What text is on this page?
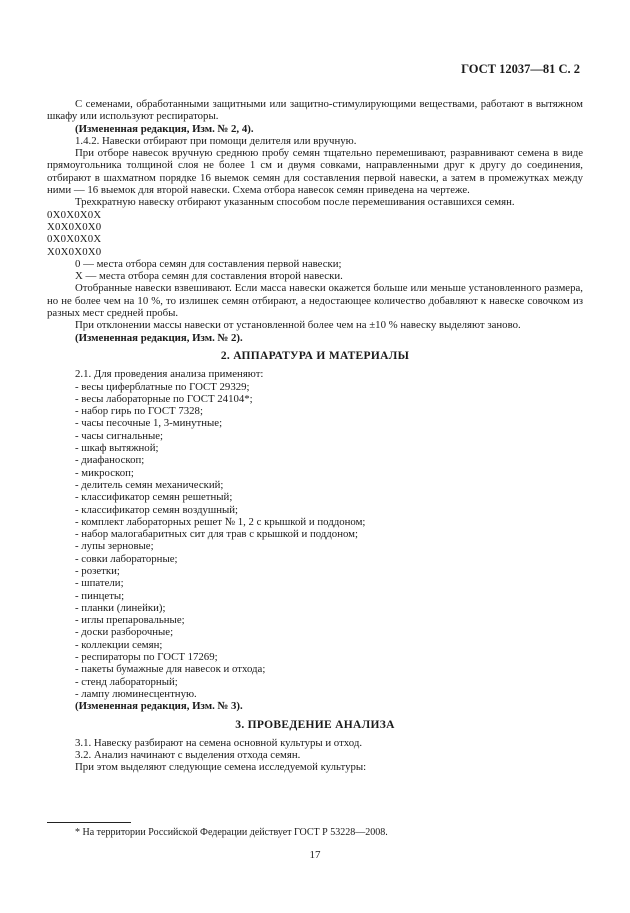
ГОСТ 12037—81 С. 2

С семенами, обработанными защитными или защитно-стимулирующими веществами, работают в вытяжном шкафу или используют респираторы.

(Измененная редакция, Изм. № 2, 4).

1.4.2. Навески отбирают при помощи делителя или вручную.

При отборе навесок вручную среднюю пробу семян тщательно перемешивают, разравнивают семена в виде прямоугольника толщиной слоя не более 1 см и двумя совками, направленными друг к другу до соединения, отбирают в шахматном порядке 16 выемок семян для составления первой навески, а затем в промежутках между ними — 16 выемок для второй навески. Схема отбора навесок семян приведена на чертеже.

Трехкратную навеску отбирают указанным способом после перемешивания оставшихся семян.

0X0X0X0X

X0X0X0X0

0X0X0X0X

X0X0X0X0

0 — места отбора семян для составления первой навески;

X — места отбора семян для составления второй навески.

Отобранные навески взвешивают. Если масса навески окажется больше или меньше установленного размера, но не более чем на 10 %, то излишек семян отбирают, а недостающее количество добавляют к навеске совочком из разных мест средней пробы.

При отклонении массы навески от установленной более чем на ±10 % навеску выделяют заново.

(Измененная редакция, Изм. № 2).

2. АППАРАТУРА И МАТЕРИАЛЫ

2.1. Для проведения анализа применяют:

- весы циферблатные по ГОСТ 29329;
- весы лабораторные по ГОСТ 24104*;
- набор гирь по ГОСТ 7328;
- часы песочные 1, 3-минутные;
- часы сигнальные;
- шкаф вытяжной;
- диафаноскоп;
- микроскоп;
- делитель семян механический;
- классификатор семян решетный;
- классификатор семян воздушный;
- комплект лабораторных решет № 1, 2 с крышкой и поддоном;
- набор малогабаритных сит для трав с крышкой и поддоном;
- лупы зерновые;
- совки лабораторные;
- розетки;
- шпатели;
- пинцеты;
- планки (линейки);
- иглы препаровальные;
- доски разборочные;
- коллекции семян;
- респираторы по ГОСТ 17269;
- пакеты бумажные для навесок и отхода;
- стенд лабораторный;
- лампу люминесцентную.

(Измененная редакция, Изм. № 3).

3. ПРОВЕДЕНИЕ АНАЛИЗА

3.1. Навеску разбирают на семена основной культуры и отход.

3.2. Анализ начинают с выделения отхода семян.

При этом выделяют следующие семена исследуемой культуры:

* На территории Российской Федерации действует ГОСТ Р 53228—2008.
17
